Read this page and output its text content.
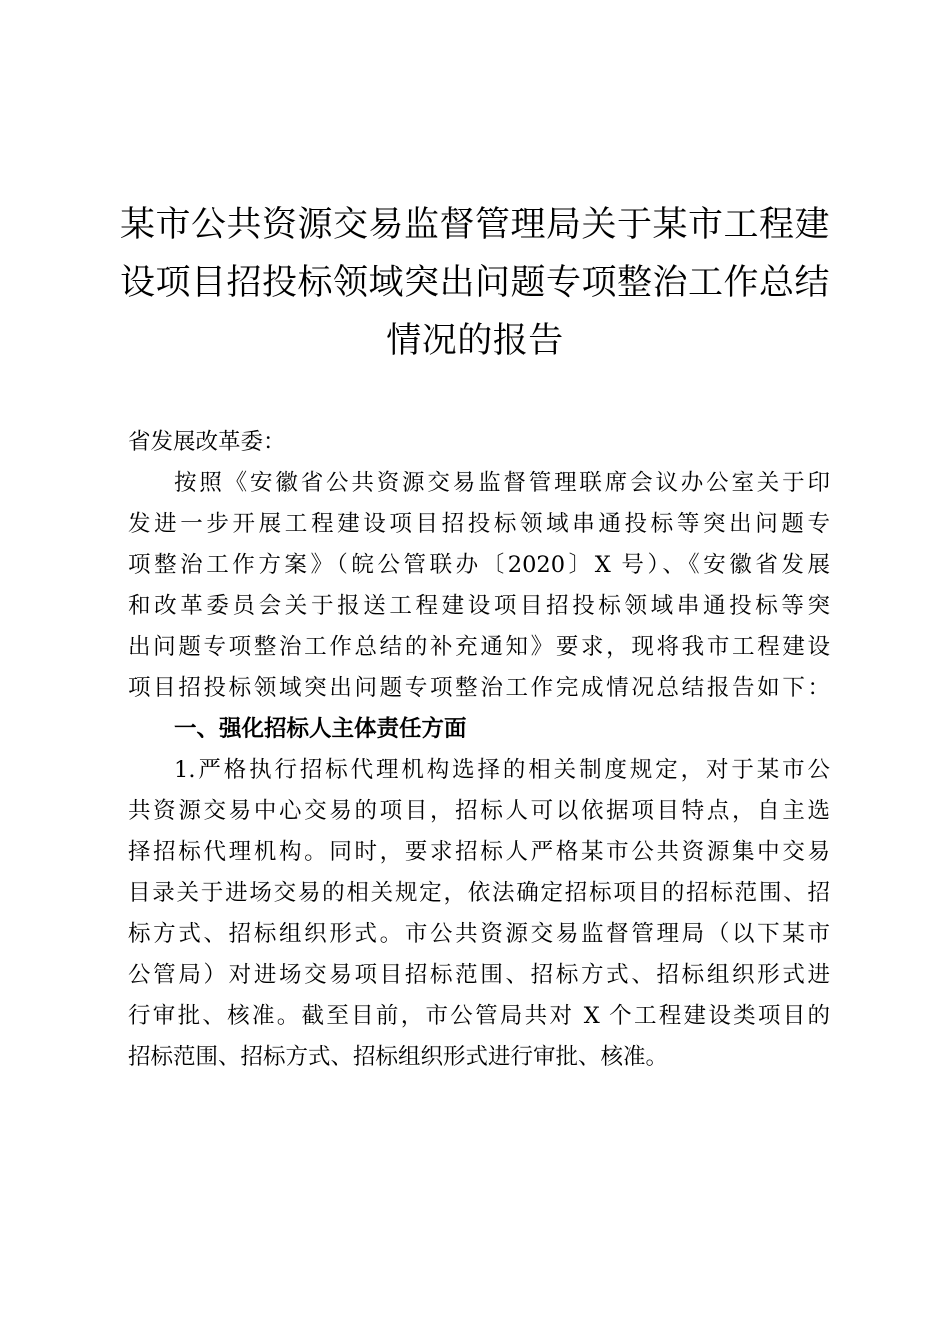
某市公共资源交易监督管理局关于某市工程建
设项目招投标领域突出问题专项整治工作总结
情况的报告
省发展改革委：
按照《安徽省公共资源交易监督管理联席会议办公室关于印
发进一步开展工程建设项目招投标领域串通投标等突出问题专
项整治工作方案》（皖公管联办〔2020〕X 号）、《安徽省发展
和改革委员会关于报送工程建设项目招投标领域串通投标等突
出问题专项整治工作总结的补充通知》要求，现将我市工程建设
项目招投标领域突出问题专项整治工作完成情况总结报告如下：
一、强化招标人主体责任方面
1.严格执行招标代理机构选择的相关制度规定，对于某市公
共资源交易中心交易的项目，招标人可以依据项目特点，自主选
择招标代理机构。同时，要求招标人严格某市公共资源集中交易
目录关于进场交易的相关规定，依法确定招标项目的招标范围、招
标方式、招标组织形式。市公共资源交易监督管理局（以下某市
公管局）对进场交易项目招标范围、招标方式、招标组织形式进
行审批、核准。截至目前，市公管局共对 X 个工程建设类项目的
招标范围、招标方式、招标组织形式进行审批、核准。
